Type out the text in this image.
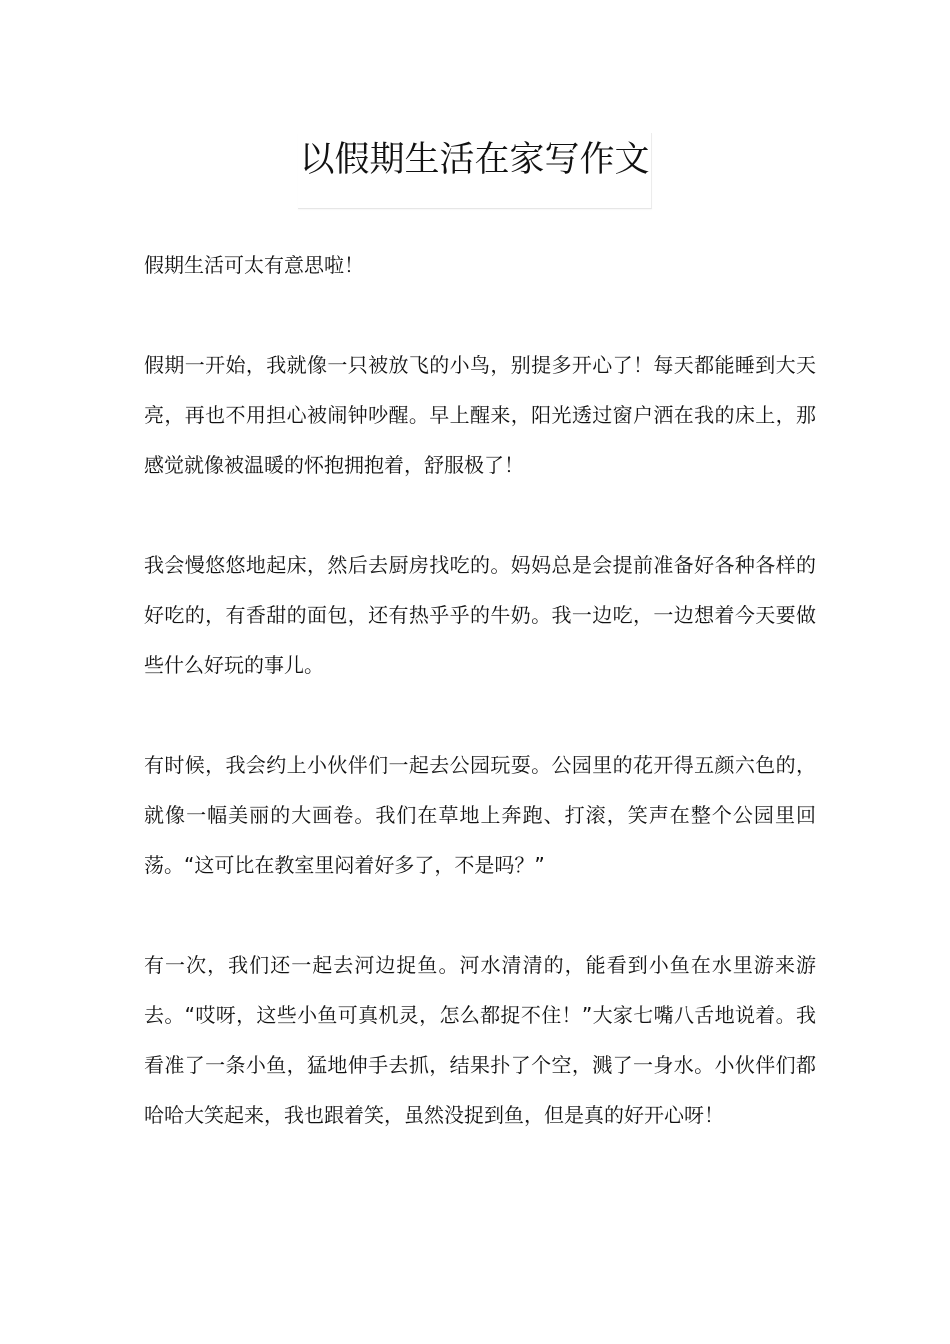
以假期生活在家写作文

假期生活可太有意思啦！

假期一开始，我就像一只被放飞的小鸟，别提多开心了！每天都能睡到大天亮，再也不用担心被闹钟吵醒。早上醒来，阳光透过窗户洒在我的床上，那感觉就像被温暖的怀抱拥抱着，舒服极了！

我会慢悠悠地起床，然后去厨房找吃的。妈妈总是会提前准备好各种各样的好吃的，有香甜的面包，还有热乎乎的牛奶。我一边吃，一边想着今天要做些什么好玩的事儿。

有时候，我会约上小伙伴们一起去公园玩耍。公园里的花开得五颜六色的，就像一幅美丽的大画卷。我们在草地上奔跑、打滚，笑声在整个公园里回荡。“这可比在教室里闷着好多了，不是吗？”

有一次，我们还一起去河边捉鱼。河水清清的，能看到小鱼在水里游来游去。“哎呀，这些小鱼可真机灵，怎么都捉不住！”大家七嘴八舌地说着。我看准了一条小鱼，猛地伸手去抓，结果扑了个空，溅了一身水。小伙伴们都哈哈大笑起来，我也跟着笑，虽然没捉到鱼，但是真的好开心呀！
